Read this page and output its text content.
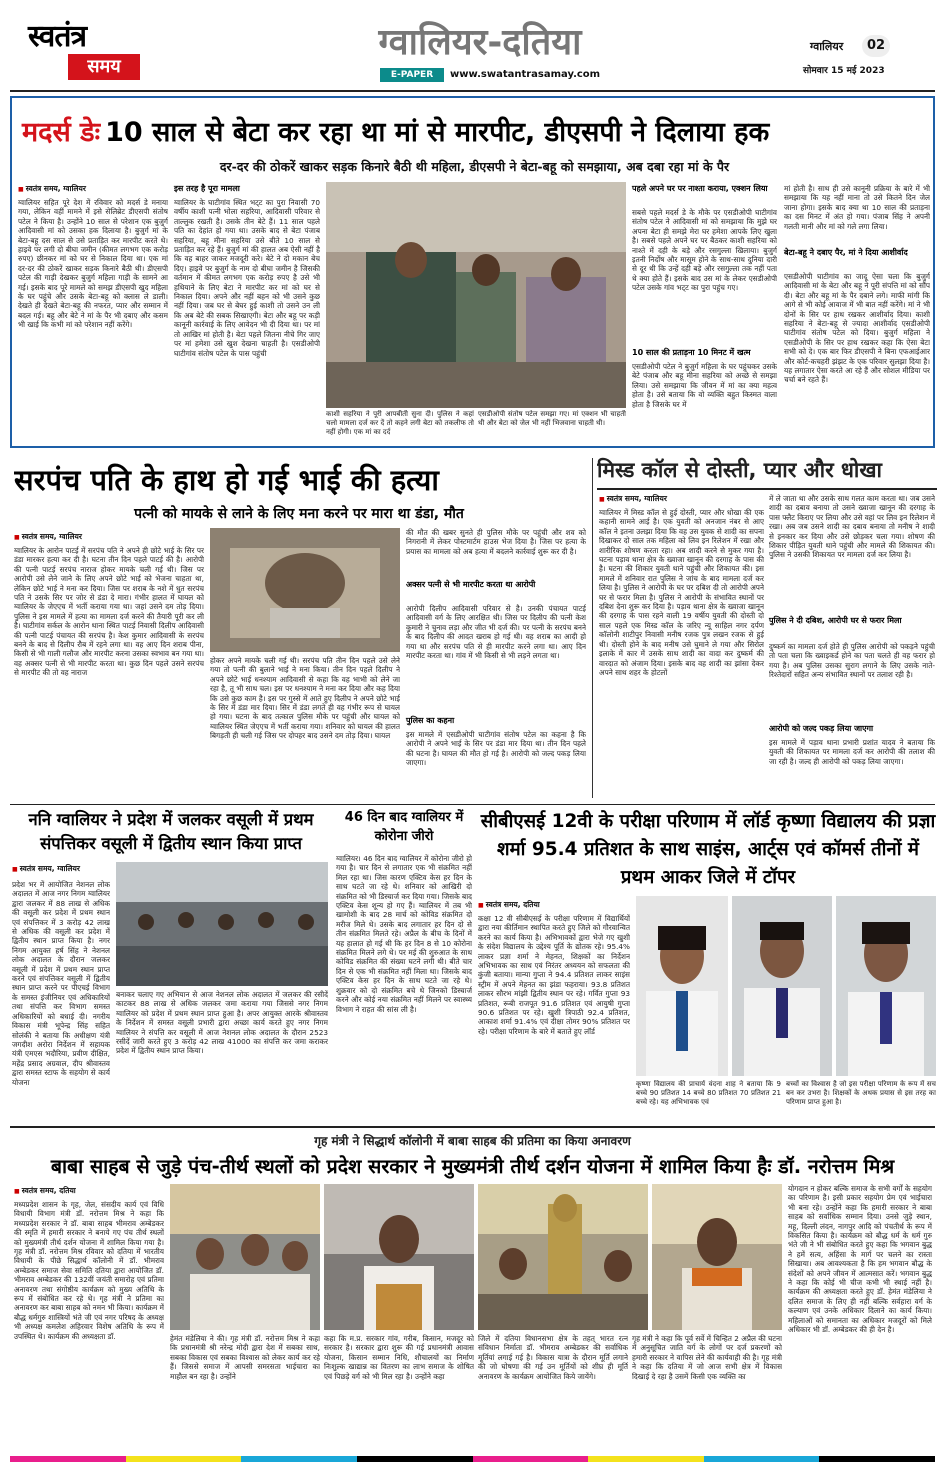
स्वतंत्र
समय
ग्वालियर-दतिया
E-PAPER	www.swatantrasamay.com
ग्वालियर	02
सोमवार 15 मई 2023
मदर्स डेः 10 साल से बेटा कर रहा था मां से मारपीट, डीएसपी ने दिलाया हक
दर-दर की ठोकरें खाकर सड़क किनारे बैठी थी महिला, डीएसपी ने बेटा-बहू को समझाया, अब दबा रहा मां के पैर
■ स्वतंत्र समय, ग्वालियर
ग्वालियर सहित पूरे देश में रविवार को मदर्स डे मनाया गया, लेकिन वहीं मामने में इसे सेलिब्रेट डीएसपी संतोष पटेल ने किया है। उन्होंने 10 साल से परेशान एक बुजुर्ग आदिवासी मां को उसका हक दिलाया है। बुजुर्ग मां के बेटा-बहू दस साल से उसे प्रताड़ित कर मारपीट करते थे। हाइवे पर लगी दो बीघा जमीन (कीमत लगभग एक करोड़ रुपए) छीनकर मां को घर से निकाल दिया था। एक मां दर-दर की ठोकरें खाकर सड़क किनारे बैठी थी। डीएसपी पटेल की गाड़ी देखकर बुजुर्ग महिला गाड़ी के सामने आ गई। इसके बाद पूरे मामले को समझ डीएसपी खुद महिला के घर पहुंचे और उसके बेटा-बहू को क्लास ले डाली। देखते ही देखते बेटा-बहू की नफरत, प्यार और सम्मान में बदल गई। बहू और बेटे ने मां के पैर भी दबाए और कसम भी खाई कि कभी मां को परेशान नहीं करेंगे।
इस तरह है पूरा मामला
ग्वालियर के घाटीगांव स्थित भट्‌ट का पुरा निवासी 70 वर्षीय काशी पत्नी भोला सहरिया, आदिवासी परिवार से ताल्लुक रखती है। उसके तीन बेटे हैं। 11 साल पहले पति का देहांत हो गया था। उसके बाद से बेटा पंजाब सहरिया, बहू मीना सहरिया उसे बीते 10 साल से प्रताड़ित कर रहे हैं। बुजुर्ग मां की हालत अब ऐसी नहीं है कि वह बाहर जाकर मजदूरी करे। बेटे ने दो मकान बेच दिए। हाइवे पर बुजुर्ग के नाम दो बीघा जमीन है जिसकी वर्तमान में कीमत लगभग एक करोड़ रुपए है उसे भी हथियाने के लिए बेटा ने मारपीट कर मां को घर से निकाल दिया। अपने और नहीं बहन को भी उसने कुछ नहीं दिया। जब घर से बेघर हुई काशी तो उसने उन ली कि अब बेटे की सबक सिखाएगी। बेटा और बहू पर कड़ी कानूनी कार्रवाई के लिए आवेदन भी दी दिया था। पर मां तो आखिर मां होती है। बेटा पहले जितना नीचे गिर जाए पर मां हमेशा उसे खुश देखना चाहती है। एसडीओपी घाटीगांव संतोष पटेल के पास पहुंची
काशी सहरिया ने पूरी आपबीती सुना दी। पुलिस ने कहां चलो मामला दर्ज कर दें तो कहने लगी बेटा को तकलीफ तो नहीं होगी। एक मां का दर्द
एसडीओपी संतोष पटेल समझा गए। मां एक्शन भी चाहती थी और बेटा को जेल भी नहीं भिजवाना चाहती थी।
पहले अपने घर पर नाश्ता कराया, एक्शन लिया
सबसे पहले मदर्स डे के मौके पर एसडीओपी घाटीगांव संतोष पटेल ने आदिवासी मां को समझाया कि मुझे घर अपना बेटा ही समझे मेरा घर हमेशा आपके लिए खुला है। सबसे पहले अपने घर पर बैठकर काशी सहरिया को नाश्ते में दही के बड़े और रसगुल्ला खिलाया। बुजुर्ग इतनी निर्दोष और मासूम होने के साथ-साथ दुनिया दारी से दूर थी कि उन्हें दही बड़े और रसगुल्ला तक नहीं पता थे क्या होते हैं। इसके बाद उस मां के लेकर एसडीओपी पटेल उसके गांव भट्‌ट का पुरा पहुंच गए।
10 साल की प्रताड़ना 10 मिनट में खत्म
एसडीओपी पटेल ने बुजुर्ग महिला के घर पहुंचकर उसके बेटे पंजाब और बहू मीना सहरिया को अच्छे से समझा लिया। उसे समझाया कि जीवन में मां का क्या महत्व होता है। उसे बताया कि वो व्यक्ति बहुत किस्मत वाला होता है जिसके घर में
मां होती है। साथ ही उसे कानूनी प्रक्रिया के बारे में भी समझाया कि यह नहीं माना तो उसे कितने दिन जेल जाना होगा। इसके बाद क्या था 10 साल की प्रताड़ना का दस मिनट में अंत हो गया। पंजाब सिंह ने अपनी गलती मानी और मां को गले लगा लिया।
बेटा-बहू ने दबाए पैर, मां ने दिया आशीर्वाद
एसडीओपी घाटीगांव का जादू ऐसा चला कि बुजुर्ग आदिवासी मां के बेटा और बहू ने पूरी संपत्ति मां को सौंप दी। बेटा और बहू मां के पैर दबाने लगे। माफी मांगी कि आगे से भी कोई आवाज में भी बात नहीं करेंगे। मां ने भी दोनों के सिर पर हाथ रखकर आशीर्वाद दिया। काशी सहरिया ने बेटा-बहू से ज्यादा आशीर्वाद एसडीओपी घाटीगांव संतोष पटेल को दिया। बुजुर्ग महिला ने एसडीओपी के सिर पर हाथ रखकर कहा कि ऐसा बेटा सभी को दे। एक बार फिर डीएसपी ने बिना एफआईआर और कोर्ट-कचहरी झंझट के एक परिवार सुलझा दिया है। यह लगातार ऐसा करते आ रहे हैं और सोशल मीडिया पर चर्चा बने रहते हैं।
सरपंच पति के हाथ हो गई भाई की हत्या
पत्नी को मायके से लाने के लिए मना करने पर मारा था डंडा, मौत
■ स्वतंत्र समय, ग्वालियर
ग्वालियर के आरोन पाटई में सरपंच पति ने अपने ही छोटे भाई के सिर पर डंडा मारकर हत्या कर दी है। घटना तीन दिन पहले पाटई की है। आरोपी की पत्नी पाटई सरपंच नाराज होकर मायके चली गई थी। जिस पर आरोपी उसे लेने जाने के लिए अपने छोटे भाई को भेजना चाहता था, लेकिन छोटे भाई ने मना कर दिया। जिस पर शराब के नशे में धुत सरपंच पति ने उसके सिर पर जोर से डंडा दे मारा। गंभीर हालत में घायल को ग्वालियर के जेएएच में भर्ती कराया गया था। जहां उसने दम तोड़ दिया। पुलिस ने इस मामले में हत्या का मामला दर्ज करने की तैयारी पूरी कर ली है। घाटीगांव सर्कल के आरोन थाना स्थित पाटई निवासी दिलीप आदिवासी की पत्नी पाटई पंचायत की सरपंच है। केश कुमार आदिवासी के सरपंच बनने के बाद से दिलीप रौब में रहने लगा था। वह आए दिन शराब पीना, किसी से भी गाली गलौज और मारपीट करना उसका स्वभाव बन गया था। वह अक्सर पत्नी से भी मारपीट करता था। कुछ दिन पहले उसने सरपंच से मारपीट की तो वह नाराज
होकर अपने मायके चली गई थी। सरपंच पति तीन दिन पहले उसे लेने गया तो पत्नी की बुलाने भाई ने मना किया। तीन दिन पहले दिलीप ने अपने छोटे भाई धनश्याम आदिवासी से कहा कि वह भाभी को लेने जा रहा है, तू भी साथ चल। इस पर धनश्याम ने मना कर दिया और कह दिया कि उसे कुछ काम है। इस पर गुस्से में आते हुए दिलीप ने अपने छोटे भाई के सिर में डंडा मार दिया। सिर में डंडा लगते ही वह गंभीर रूप से घायल हो गया। घटना के बाद तत्काल पुलिस मौके पर पहुंची और घायल को ग्वालियर स्थित जेएएच में भर्ती कराया गया। शनिवार को घायल की हालत बिगड़ती ही चली गई जिस पर दोपहर बाद उसने दम तोड़ दिया। घायल
की मौत की खबर सुनते ही पुलिस मौके पर पहुंची और शव को निगरानी में लेकर पोस्टमार्टम हाउस भेज दिया है। जिस पर हत्या के प्रयास का मामला को अब हत्या में बदलने कार्रवाई शुरू कर दी है।
अक्सर पत्नी से भी मारपीट करता था आरोपी
आरोपी दिलीप आदिवासी परिवार से है। उनकी पंचायत पाटई आदिवासी वर्ग के लिए आरक्षित थी। जिस पर दिलीप की पत्नी केश कुमारी ने चुनाव लड़ा और जीत भी दर्ज की। पर पत्नी के सरपंच बनने के बाद दिलीप की आदत खराब हो गई थी। वह शराब का आदी हो गया था और सरपंच पति से ही मारपीट करने लगा था। आए दिन मारपीट करता था। गांव में भी किसी से भी लड़ने लगता था।
पुलिस का कहना
इस मामले में एसडीओपी घाटीगांव संतोष पटेल का कहना है कि आरोपी ने अपने भाई के सिर पर डंडा मार दिया था। तीन दिन पहले की घटना है। घायल की मौत हो गई है। आरोपी को जल्द पकड़ लिया जाएगा।
मिस्ड कॉल से दोस्ती, प्यार और धोखा
■ स्वतंत्र समय, ग्वालियर
ग्वालियर में मिस्ड कॉल से हुई दोस्ती, प्यार और धोखा की एक कहानी सामने आई है। एक युवती को अनजान नंबर से आए कॉल ने इतना उलझा दिया कि वह उस युवक से शादी का सपना दिखाकर दो साल तक महिला को लिव इन रिलेशन में रखा और शारीरिक शोषण करता रहा। अब शादी करने से मुकर गया है। घटना पड़ाव थाना क्षेत्र के ख्वाजा खानून की दरगाह के पास की है। घटना की शिकार युवती थाने पहुंची और शिकायत की। इस मामले में शनिवार रात पुलिस ने जांच के बाद मामला दर्ज कर लिया है। पुलिस ने आरोपी के घर पर दबिश दी तो आरोपी अपने घर से फरार मिला है। पुलिस ने आरोपी के संभावित स्थानों पर दबिश देना शुरू कर दिया है। पड़ाव थाना क्षेत्र के ख्वाजा खानून की दरगाह के पास रहने वाली 19 वर्षीय युवती की दोस्ती दो साल पहले एक मिस्ड कॉल के जरिए न्यू साहिल नगर दर्पण कॉलोनी शाटीपुर निवासी मनीष रजक पुत्र लखन रजक से हुई थी। दोस्ती होने के बाद मनीष उसे घुमाने ले गया और सिरोल इलाके में कार में उसके साथ शादी का वादा कर दुष्कर्म की वारदात को अंजाम दिया। इसके बाद वह शादी का झांसा देकर अपने साथ शहर के होटलों
में ले जाता था और उसके साथ गलत काम करता था। जब उसने शादी का दबाव बनाया तो उसने ख्वाजा खानून की दरगाह के पास फ्लैट किराए पर लिया और उसे वहां पर लिव इन रिलेशन में रखा। अब जब उसने शादी का दबाव बनाया तो मनीष ने शादी से इनकार कर दिया और उसे छोड़कर चला गया। शोषण की शिकार पीड़ित युवती थाने पहुंची और मामले की शिकायत की। पुलिस ने उसकी शिकायत पर मामला दर्ज कर लिया है।
पुलिस ने दी दबिश, आरोपी घर से फरार मिला
दुष्कर्म का मामला दर्ज होते ही पुलिस आरोपी को पकड़ने पहुंची तो पता चला कि ख्वाइकर्ड होने का पता चलते ही वह फरार हो गया है। अब पुलिस उसका सुराग लगाने के लिए उसके नाते-रिश्तेदारों सहित अन्य संभावित स्थानों पर तलाश रही है।
आरोपी को जल्द पकड़ लिया जाएगा
इस मामले में पड़ाव थाना प्रभारी प्रशांत यादव ने बताया कि युवती की शिकायत पर मामला दर्ज कर आरोपी की तलाश की जा रही है। जल्द ही आरोपी को पकड़ लिया जाएगा।
ननि ग्वालियर ने प्रदेश में जलकर वसूली में प्रथम संपत्तिकर वसूली में द्वितीय स्थान किया प्राप्त
■ स्वतंत्र समय, ग्वालियर
प्रदेश भर में आयोजित नेशनल लोक अदालत में आज नगर निगम ग्वालियर द्वारा जलकर में 88 लाख से अधिक की वसूली कर प्रदेश में प्रथम स्थान एवं संपत्तिकर में 3 करोड़ 42 लाख से अधिक की वसूली कर प्रदेश में द्वितीय स्थान प्राप्त किया है। नगर निगम आयुक्त हर्ष सिंह ने नेशनल लोक अदालत के दौरान जलकर वसूली में प्रदेश में प्रथम स्थान प्राप्त करने एवं संपत्तिकर वसूली में द्वितीय स्थान प्राप्त करने पर पीएचई विभाग के समस्त इंजीनियर एवं अधिकारियों तथा संपत्ति कर विभाग समस्त अधिकारियों को बधाई दी। नगरीय विकास मंत्री भूपेन्द्र सिंह सहित सोलंकी ने बताया कि अधीक्षण यंत्री जगदीश अरोरा निर्देशन में सहायक यंत्री एमएस भदौरिया, प्रवीण दीक्षित, महेंद्र प्रसाद अग्रवाल, दीप श्रीवास्तव द्वारा समस्त स्टाफ के सहयोग से कार्य योजना
बनाकर चलाए गए अभियान से आज नेशनल लोक अदालत में जलकर की रसीदें काटकर 88 लाख से अधिक जलकर जमा कराया गया जिससे नगर निगम ग्वालियर को प्रदेश में प्रथम स्थान प्राप्त हुआ है। अपर आयुक्त आरके श्रीवास्तव के निर्देशन में समस्त वसूली प्रभारी द्वारा अच्छा कार्य करते हुए नगर निगम ग्वालियर ने संपत्ति कर वसूली में आज नेशनल लोक अदालत के दौरान 2523 रसीदें जारी करते हुए 3 करोड़ 42 लाख 41000 का संपत्ति कर जमा कराकर प्रदेश में द्वितीय स्थान प्राप्त किया।
46 दिन बाद ग्वालियर में कोरोना जीरो
ग्वालियर। 46 दिन बाद ग्वालियर में कोरोना जीरो हो गया है। चार दिन से लगातार एक भी संक्रमित नहीं मिल रहा था। जिस कारण एक्टिव केस हर दिन के साथ घटते जा रहे थे। शनिवार को आखिरी दो संक्रमित को भी डिस्चार्ज कर दिया गया। जिसके बाद एक्टिव केस शून्य हो गए हैं। ग्वालियर में तब भी खामोशी के बाद 28 मार्च को कोविड संक्रमित दो मरीज मिले थे। उसके बाद लगातार हर दिन दो से तीन संक्रमित मिलते रहे। अप्रैल के बीच के दिनों में यह हालात हो गई थी कि हर दिन 8 से 10 कोरोना संक्रमित मिलने लगे थे। पर मई की शुरुआत के साथ कोविड संक्रमित की संख्या घटने लगी थी। बीते चार दिन से एक भी संक्रमित नहीं मिला था। जिसके बाद एक्टिव केस हर दिन के साथ घटते जा रहे थे। शुक्रवार को दो संक्रमित बचे थे जिनको डिस्चार्ज करने और कोई नया संक्रमित नहीं मिलने पर स्वास्थ्य विभाग ने राहत की सांस ली है।
सीबीएसई 12वी के परीक्षा परिणाम में लॉर्ड कृष्णा विद्यालय की प्रज्ञा शर्मा 95.4 प्रतिशत के साथ साइंस, आर्ट्स एवं कॉमर्स तीनों में प्रथम आकर जिले में टॉपर
■ स्वतंत्र समय, दतिया
कक्षा 12 वी सीबीएसई के परीक्षा परिणाम में विद्यार्थियों द्वारा नया कीर्तिमान स्थापित करते हुए जिले को गौरवान्वित करने का कार्य किया है। अभिभावकों द्वारा भेजे गए खुशी के संदेश विद्यालय के उद्देश्य पूर्ति के द्योतक रहे। 95.4% लाकर प्रज्ञा शर्मा ने मेहनत, शिक्षकों का निर्देशन अभिभावक का साथ एवं निरंतर अध्ययन को सफलता की कुंजी बताया। मान्या गुप्ता ने 94.4 प्रतिशत लाकर साइंस स्ट्रीम में अपने मेहनत का झंडा फहराया। 93.8 प्रतिशत लाकर सौरभ मांझी द्वितीय स्थान पर रहे। गर्वित गुप्ता 93 प्रतिशत, रूबी राजपूत 91.6 प्रतिशत एवं आयुषी गुप्ता 90.6 प्रतिशत पर रहे। खुशी त्रिपाठी 92.4 प्रतिशत, आकाश शर्मा 91.4% एवं दीक्षा तोमर 90% प्रतिशत पर रहे। परीक्षा परिणाम के बारे में बताते हुए लॉर्ड
कृष्णा विद्यालय की प्राचार्य वंदना शाह ने बताया कि 9 बच्चे 90 प्रतिशत 14 बच्चे 80 प्रतिशत 70 प्रतिशत 21 बच्चे रहे। यह अभिभावक एवं
बच्चों का विश्वास है जो इस परीक्षा परिणाम के रूप में सच बन कर उभरा है। शिक्षकों के अथक प्रयास से इस तरह का परिणाम प्राप्त हुआ है।
गृह मंत्री ने सिद्धार्थ कॉलोनी में बाबा साहब की प्रतिमा का किया अनावरण
बाबा साहब से जुड़े पंच-तीर्थ स्थलों को प्रदेश सरकार ने मुख्यमंत्री तीर्थ दर्शन योजना में शामिल किया हैः डॉ. नरोत्तम मिश्र
■ स्वतंत्र समय, दतिया
मध्यप्रदेश शासन के गृह, जेल, संसदीय कार्य एवं विधि विधायी विभाग मंत्री डॉ. नरोत्तम मिश्र ने कहा कि मध्यप्रदेश सरकार ने डॉ. बाबा साहब भीमराव अम्बेडकर की स्मृति में हमारी सरकार ने बनाये गए पंच तीर्थ स्थलों को मुख्यमंत्री तीर्थ दर्शन योजना में शामिल किया गया है। गृह मंत्री डॉ. नरोत्तम मिश्र रविवार को दतिया में भारतीय विधायी के पीछे सिद्धार्थ कॉलोनी में डॉ. भीमराव अम्बेडकर समाज सेवा समिति दतिया द्वारा आयोजित डॉ. भीमराव अम्बेडकर की 132वीं जयंती समारोह एवं प्रतिमा अनावरण तथा संगोष्ठीय कार्यक्रम को मुख्य अतिथि के रूप में संबोधित कर रहे थे। गृह मंत्री ने प्रतिमा का अनावरण कर बाबा साहब को नमन भी किया। कार्यक्रम में बौद्ध धर्मगुरु शास्त्रियों भंते जी एवं नगर परिषद के अध्यक्ष भी अध्यक्ष कमलेश अहिरवार विशेष अतिथि के रूप में उपस्थित थे। कार्यक्रम की अध्यक्षता डॉ.	हेमंत मंडेलिया ने की। गृह मंत्री डॉ. नरोत्तम मिश्र ने कहा कि प्रधानमंत्री श्री नरेन्द्र मोदी द्वारा देश में सबका साथ, सबका विकास एवं सबका विश्वास को लेकर कार्य कर रहे हैं। जिससे समाज में आपसी समरसता भाईचारा का माहौल बन रहा है। उन्होंने
कहा कि म.प्र. सरकार गांव, गरीब, किसान, मजदूर को सरकार है। सरकार द्वारा शुरू की गई प्रधानमंत्री आवास योजना, किसान सम्मान निधि, शौचालयों का निर्माण निःशुल्क खाद्यान्न का वितरण का लाभ समाज के शोषित एवं पिछड़े वर्ग को भी मिल रहा है। उन्होंने कहा
जिले में दतिया विधानसभा क्षेत्र के तहत्‌ भारत रत्न संविधान निर्माता डॉ. भीमराव अम्बेडकर की सर्वाधिक मूर्तियां लगाई गई है। विकास यात्रा के दौरान मूर्ति लगाने की जो घोषणा की गई उन मूर्तियों को शीघ्र ही मूर्ति अनावरण के कार्यक्रम आयोजित किये जायेंगे।
गृह मंत्री ने कहा कि पूर्व सर्वे में चिन्हित 2 अप्रैल की घटना में अनुसूचित जाति वर्ग के लोगों पर दर्ज प्रकरणों को हमारी सरकार ने वापिस लेने की कार्यवाही की है। गृह मंत्री ने कहा कि दतिया में जो आज सभी क्षेत्र में विकास दिखाई दे रहा है उसमें किसी एक व्यक्ति का
योगदान न होकर बल्कि समाज के सभी वर्गों के सहयोग का परिणाम है। इसी प्रकार सहयोग प्रेम एवं भाईचारा भी बना रहे। उन्होंने कहा कि हमारी सरकार ने बाबा साहब को सर्वाधिक सम्मान दिया। उनसे जुड़े स्थान, महू, दिल्ली लंदन, नागपुर आदि को पंचतीर्थ के रूप में विकसित किया है। कार्यक्रम को बौद्ध धर्म के धर्म गुरु भंते जी ने भी संबोधित करते हुए कहा कि भगवान बुद्ध ने हमें सत्य, अहिंसा के मार्ग पर चलने का रास्ता सिखाया। अब आवश्यकता है कि हम भगवान बौद्ध के संदेशों को अपने जीवन में आत्मसात करें। भगवान बुद्ध ने कहा कि कोई भी चीज कभी भी स्थाई नहीं है। कार्यक्रम की अध्यक्षता करते हुए डॉ. हेमंत मंडेलिया ने दलित समाज के लिए ही नहीं बल्कि सर्वहारा वर्ग के कल्याण एवं उनके अधिकार दिलाने का कार्य किया। महिलाओं को समानता का अधिकार मजदूरों को मिले अधिकार भी डॉ. अम्बेडकर की ही देन है।
